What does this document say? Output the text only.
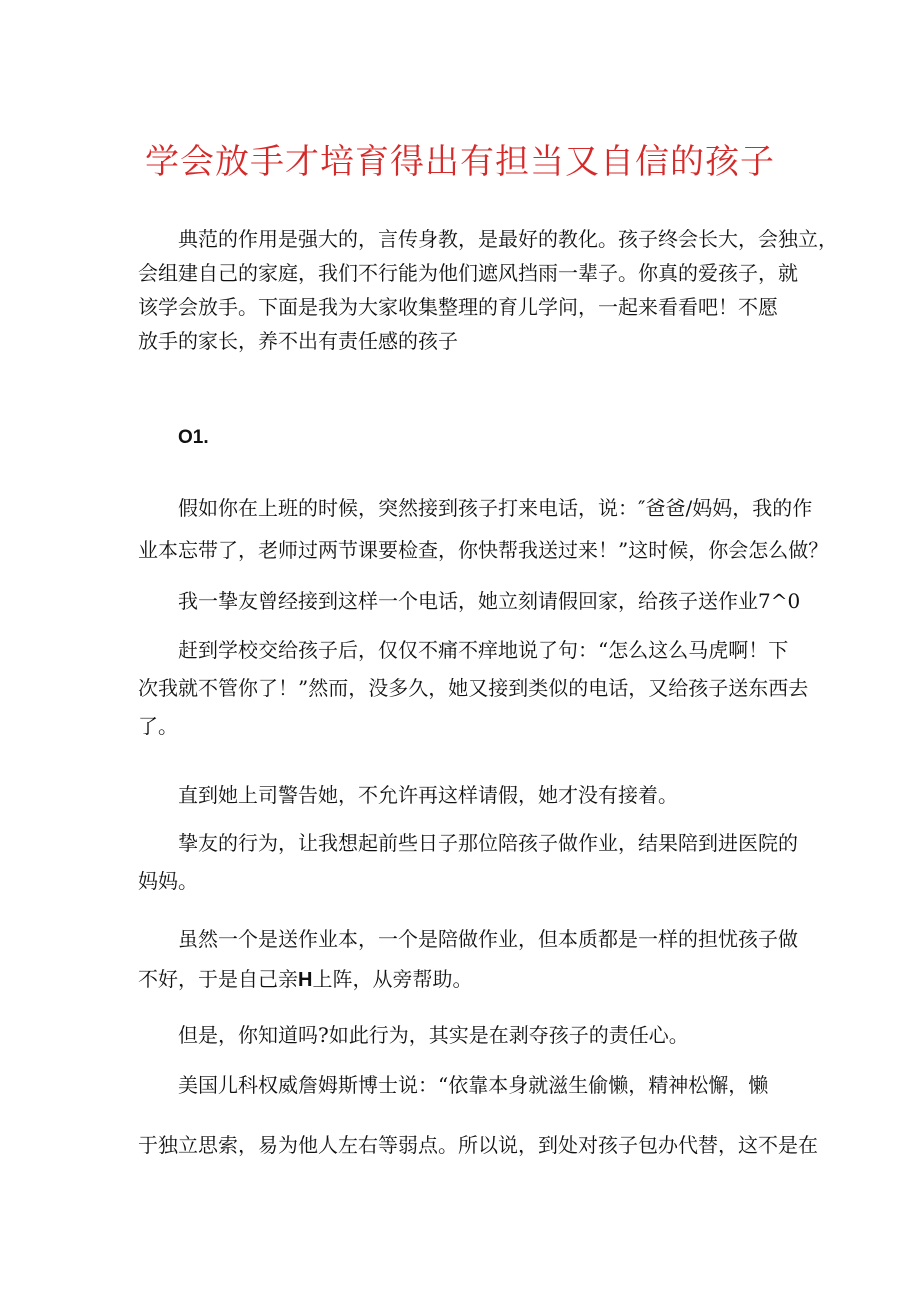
学会放手才培育得出有担当又自信的孩子
典范的作用是强大的，言传身教，是最好的教化。孩子终会长大，会独立，
会组建自己的家庭，我们不行能为他们遮风挡雨一辈子。你真的爱孩子，就
该学会放手。下面是我为大家收集整理的育儿学问，一起来看看吧！不愿
放手的家长，养不出有责任感的孩子
O1.
假如你在上班的时候，突然接到孩子打来电话，说：″爸爸/妈妈，我的作
业本忘带了，老师过两节课要检查，你快帮我送过来！”这时候，你会怎么做？
我一挚友曾经接到这样一个电话，她立刻请假回家，给孩子送作业7^0
赶到学校交给孩子后，仅仅不痛不痒地说了句：“怎么这么马虎啊！下
次我就不管你了！”然而，没多久，她又接到类似的电话，又给孩子送东西去
了。
直到她上司警告她，不允许再这样请假，她才没有接着。
挚友的行为，让我想起前些日子那位陪孩子做作业，结果陪到进医院的
妈妈。
虽然一个是送作业本，一个是陪做作业，但本质都是一样的担忧孩子做
不好，于是自己亲H上阵，从旁帮助。
但是，你知道吗?如此行为，其实是在剥夺孩子的责任心。
美国儿科权威詹姆斯博士说：“依靠本身就滋生偷懒，精神松懈，懒
于独立思索，易为他人左右等弱点。所以说，到处对孩子包办代替，这不是在
